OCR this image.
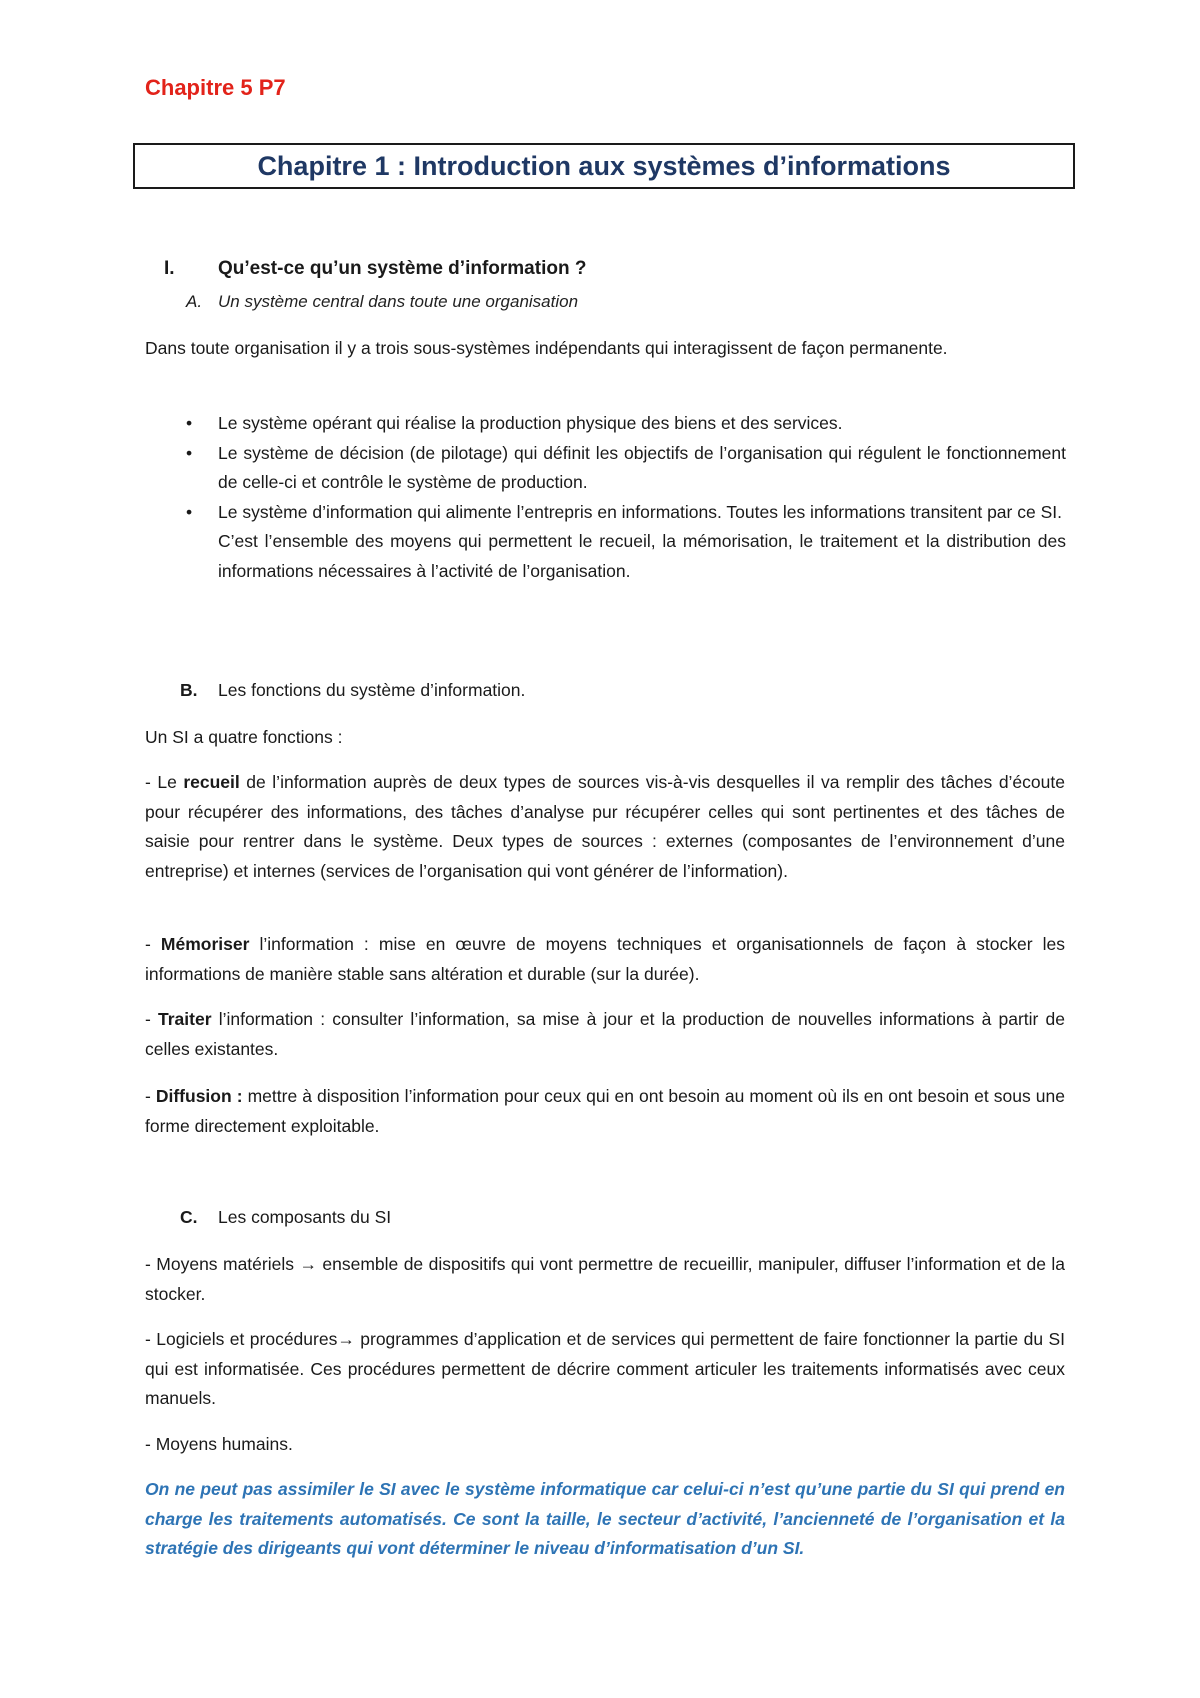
Chapitre 5 P7
Chapitre 1 : Introduction aux systèmes d’informations
I. Qu’est-ce qu’un système d’information ?
A. Un système central dans toute une organisation

Dans toute organisation il y a trois sous-systèmes indépendants qui interagissent de façon permanente.

• Le système opérant qui réalise la production physique des biens et des services.
• Le système de décision (de pilotage) qui définit les objectifs de l’organisation qui régulent le fonctionnement de celle-ci et contrôle le système de production.
• Le système d’information qui alimente l’entrepris en informations. Toutes les informations transitent par ce SI.
C’est l’ensemble des moyens qui permettent le recueil, la mémorisation, le traitement et la distribution des informations nécessaires à l’activité de l’organisation.
B. Les fonctions du système d’information.

Un SI a quatre fonctions :

- Le recueil de l’information auprès de deux types de sources vis-à-vis desquelles il va remplir des tâches d’écoute pour récupérer des informations, des tâches d’analyse pur récupérer celles qui sont pertinentes et des tâches de saisie pour rentrer dans le système. Deux types de sources : externes (composantes de l’environnement d’une entreprise) et internes (services de l’organisation qui vont générer de l’information).

- Mémoriser l’information : mise en œuvre de moyens techniques et organisationnels de façon à stocker les informations de manière stable sans altération et durable (sur la durée).

- Traiter l’information : consulter l’information, sa mise à jour et la production de nouvelles informations à partir de celles existantes.

- Diffusion : mettre à disposition l’information pour ceux qui en ont besoin au moment où ils en ont besoin et sous une forme directement exploitable.

C. Les composants du SI

- Moyens matériels → ensemble de dispositifs qui vont permettre de recueillir, manipuler, diffuser l’information et de la stocker.

- Logiciels et procédures→ programmes d’application et de services qui permettent de faire fonctionner la partie du SI qui est informatisée. Ces procédures permettent de décrire comment articuler les traitements informatisés avec ceux manuels.

- Moyens humains.

On ne peut pas assimiler le SI avec le système informatique car celui-ci n’est qu’une partie du SI qui prend en charge les traitements automatisés. Ce sont la taille, le secteur d’activité, l’ancienneté de l’organisation et la stratégie des dirigeants qui vont déterminer le niveau d’informatisation d’un SI.
